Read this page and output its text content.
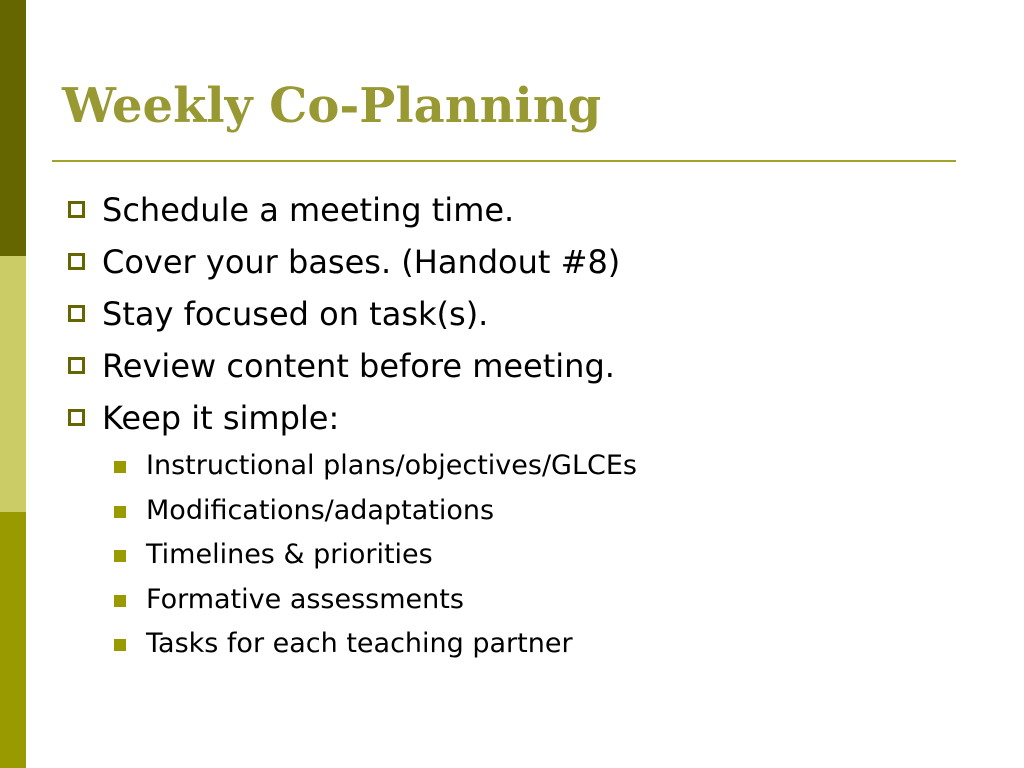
Weekly Co-Planning
Schedule a meeting time.
Cover your bases. (Handout #8)
Stay focused on task(s).
Review content before meeting.
Keep it simple:
Instructional plans/objectives/GLCEs
Modifications/adaptations
Timelines & priorities
Formative assessments
Tasks for each teaching partner
